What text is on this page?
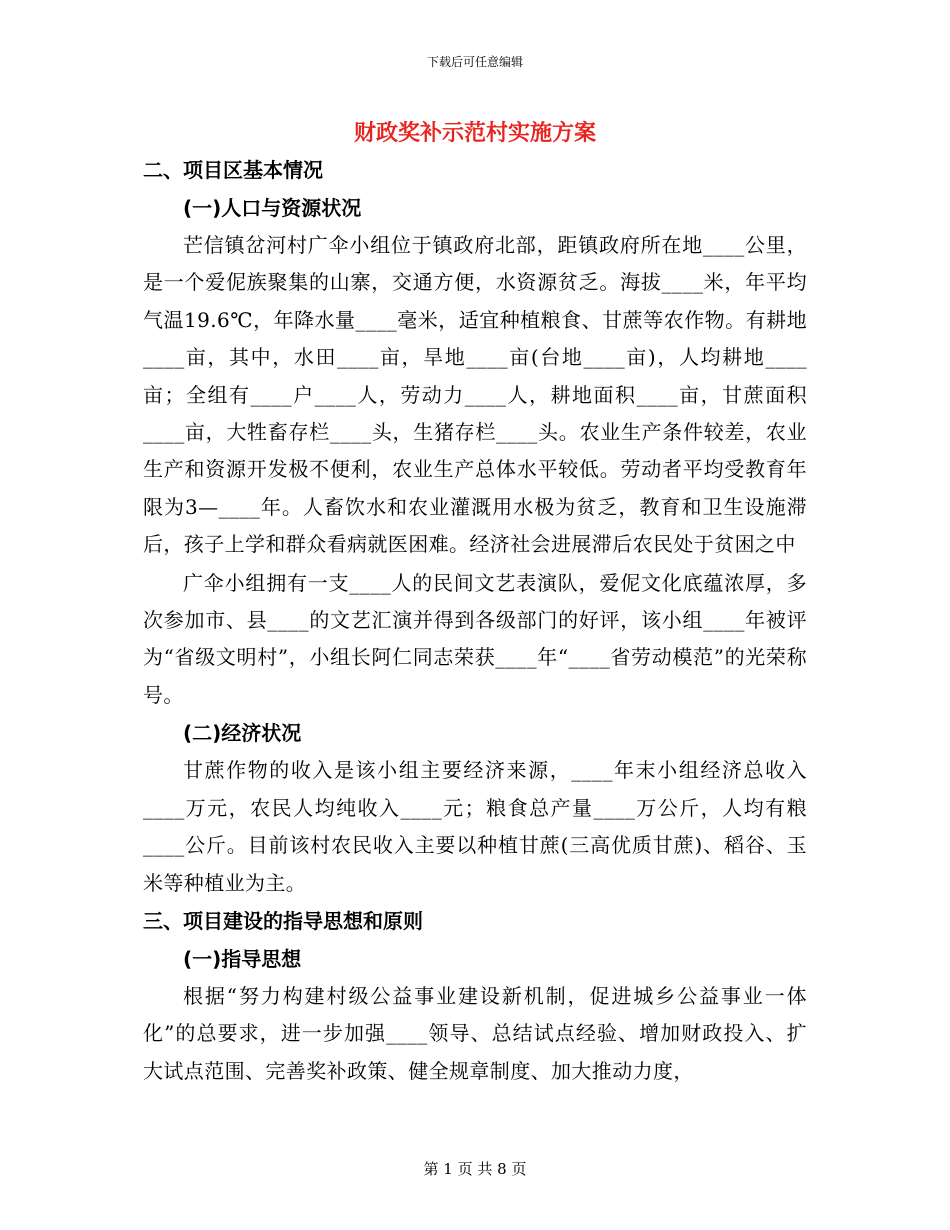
下载后可任意编辑
财政奖补示范村实施方案
二、项目区基本情况
(一)人口与资源状况
芒信镇岔河村广伞小组位于镇政府北部，距镇政府所在地____公里，是一个爱伲族聚集的山寨，交通方便，水资源贫乏。海拔____米，年平均气温19.6℃，年降水量____毫米，适宜种植粮食、甘蔗等农作物。有耕地____亩，其中，水田____亩，旱地____亩(台地____亩)，人均耕地____亩；全组有____户____人，劳动力____人，耕地面积____亩，甘蔗面积____亩，大牲畜存栏____头，生猪存栏____头。农业生产条件较差，农业生产和资源开发极不便利，农业生产总体水平较低。劳动者平均受教育年限为3—____年。人畜饮水和农业灌溉用水极为贫乏，教育和卫生设施滞后，孩子上学和群众看病就医困难。经济社会进展滞后农民处于贫困之中
广伞小组拥有一支____人的民间文艺表演队，爱伲文化底蕴浓厚，多次参加市、县____的文艺汇演并得到各级部门的好评，该小组____年被评为“省级文明村”，小组长阿仁同志荣获____年“____省劳动模范”的光荣称号。
(二)经济状况
甘蔗作物的收入是该小组主要经济来源，____年末小组经济总收入____万元，农民人均纯收入____元；粮食总产量____万公斤，人均有粮____公斤。目前该村农民收入主要以种植甘蔗(三高优质甘蔗)、稻谷、玉米等种植业为主。
三、项目建设的指导思想和原则
(一)指导思想
根据“努力构建村级公益事业建设新机制，促进城乡公益事业一体化”的总要求，进一步加强____领导、总结试点经验、增加财政投入、扩大试点范围、完善奖补政策、健全规章制度、加大推动力度，
第 1 页 共 8 页
